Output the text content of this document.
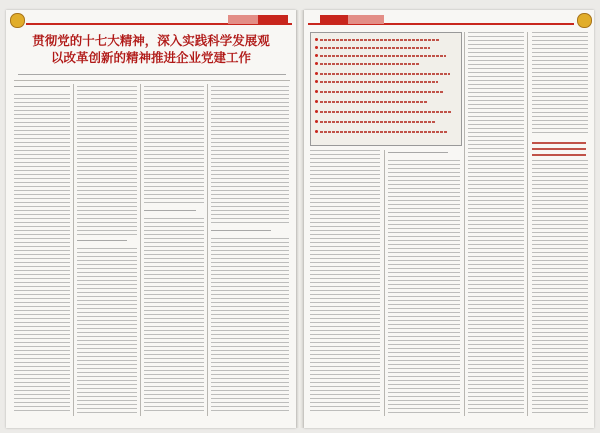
贯彻党的十七大精神，深入实践科学发展观
以改革创新的精神推进企业党建工作
